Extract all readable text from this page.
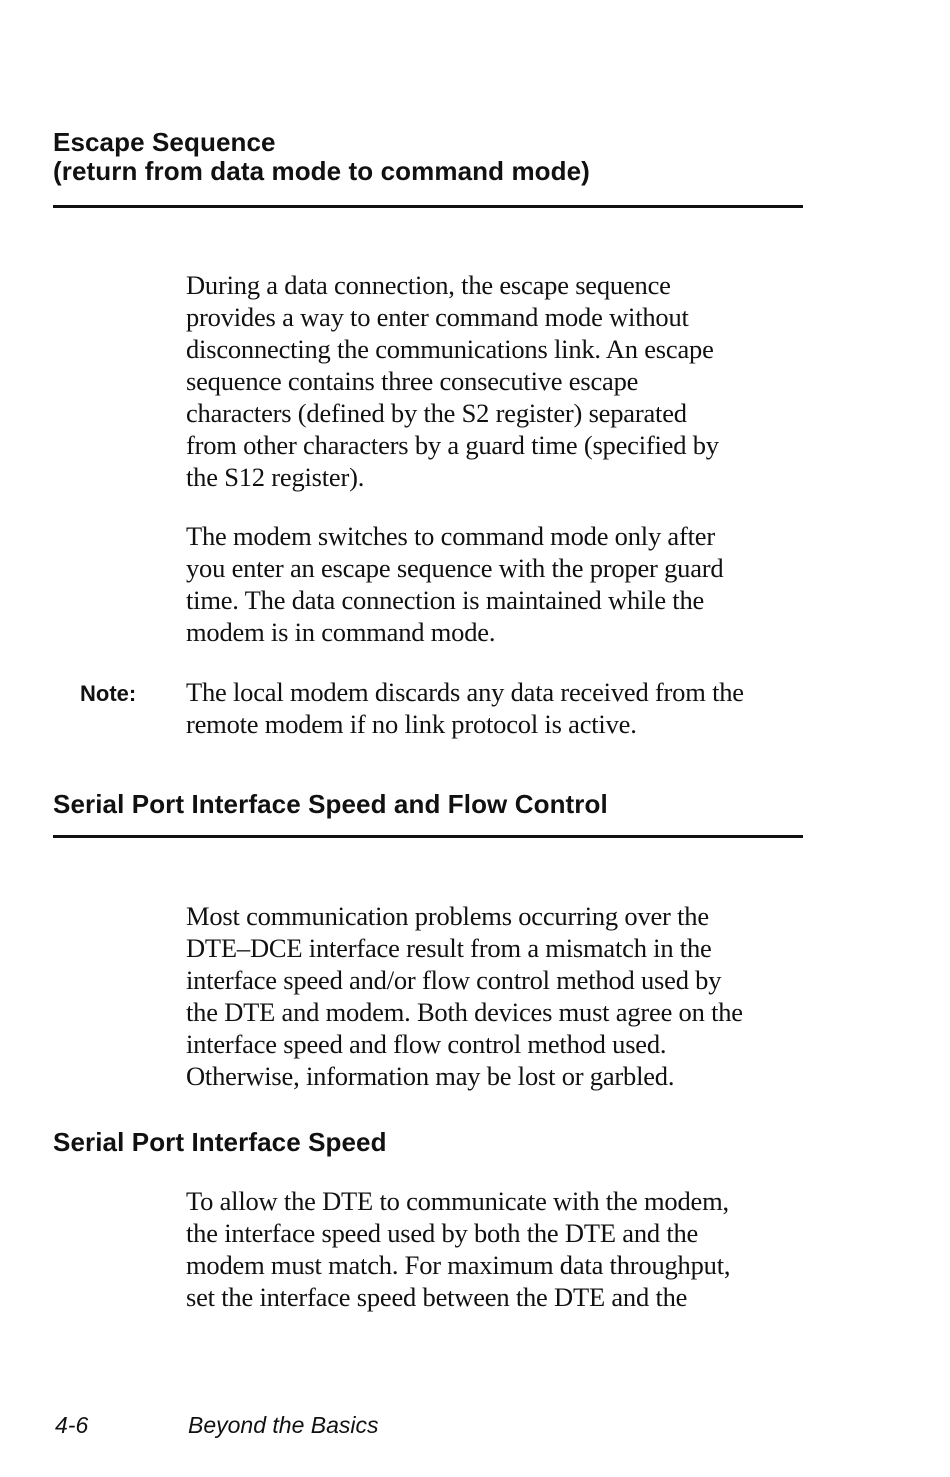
Escape Sequence
(return from data mode to command mode)

During a data connection, the escape sequence
provides a way to enter command mode without
disconnecting the communications link. An escape
sequence contains three consecutive escape
characters (defined by the S2 register) separated
from other characters by a guard time (specified by
the S12 register).

The modem switches to command mode only after
you enter an escape sequence with the proper guard
time. The data connection is maintained while the
modem is in command mode.

Note: The local modem discards any data received from the
remote modem if no link protocol is active.

Serial Port Interface Speed and Flow Control

Most communication problems occurring over the
DTE–DCE interface result from a mismatch in the
interface speed and/or flow control method used by
the DTE and modem. Both devices must agree on the
interface speed and flow control method used.
Otherwise, information may be lost or garbled.

Serial Port Interface Speed

To allow the DTE to communicate with the modem,
the interface speed used by both the DTE and the
modem must match. For maximum data throughput,
set the interface speed between the DTE and the

4-6	Beyond the Basics
